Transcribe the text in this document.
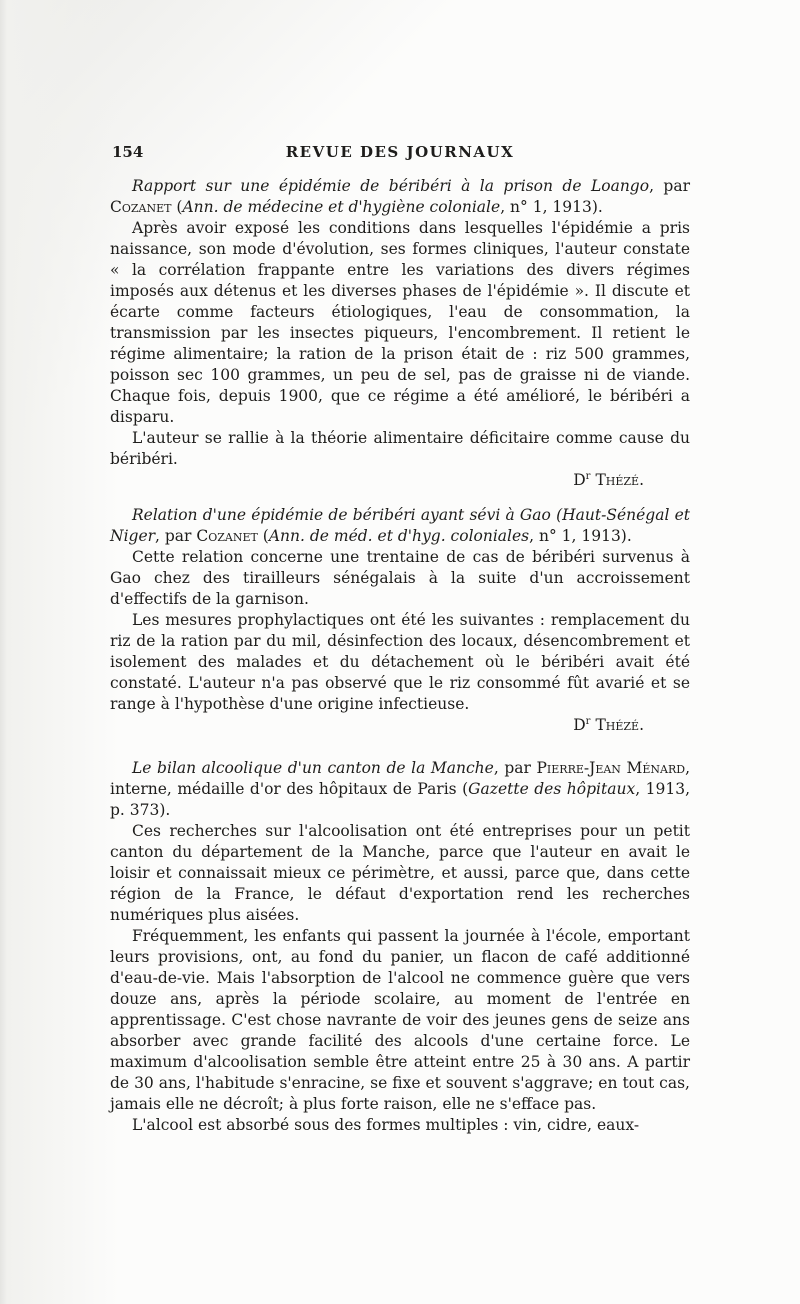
154	REVUE DES JOURNAUX

Rapport sur une épidémie de béribéri à la prison de Loango, par Cozanet (Ann. de médecine et d'hygiène coloniale, n° 1, 1913).

Après avoir exposé les conditions dans lesquelles l'épidémie a pris naissance, son mode d'évolution, ses formes cliniques, l'auteur constate « la corrélation frappante entre les variations des divers régimes imposés aux détenus et les diverses phases de l'épidémie ». Il discute et écarte comme facteurs étiologiques, l'eau de consommation, la transmission par les insectes piqueurs, l'encombrement. Il retient le régime alimentaire; la ration de la prison était de : riz 500 grammes, poisson sec 100 grammes, un peu de sel, pas de graisse ni de viande. Chaque fois, depuis 1900, que ce régime a été amélioré, le béribéri a disparu.

L'auteur se rallie à la théorie alimentaire déficitaire comme cause du béribéri.

$D^r$ Thézé.

Relation d'une épidémie de béribéri ayant sévi à Gao (Haut-Sénégal et Niger, par Cozanet (Ann. de méd. et d'hyg. coloniales, n° 1, 1913).

Cette relation concerne une trentaine de cas de béribéri survenus à Gao chez des tirailleurs sénégalais à la suite d'un accroissement d'effectifs de la garnison.

Les mesures prophylactiques ont été les suivantes : remplacement du riz de la ration par du mil, désinfection des locaux, désencombrement et isolement des malades et du détachement où le béribéri avait été constaté. L'auteur n'a pas observé que le riz consommé fût avarié et se range à l'hypothèse d'une origine infectieuse.

$D^r$ Thézé.

Le bilan alcoolique d'un canton de la Manche, par Pierre-Jean Ménard, interne, médaille d'or des hôpitaux de Paris (Gazette des hôpitaux, 1913, p. 373).

Ces recherches sur l'alcoolisation ont été entreprises pour un petit canton du département de la Manche, parce que l'auteur en avait le loisir et connaissait mieux ce périmètre, et aussi, parce que, dans cette région de la France, le défaut d'exportation rend les recherches numériques plus aisées.

Fréquemment, les enfants qui passent la journée à l'école, emportant leurs provisions, ont, au fond du panier, un flacon de café additionné d'eau-de-vie. Mais l'absorption de l'alcool ne commence guère que vers douze ans, après la période scolaire, au moment de l'entrée en apprentissage. C'est chose navrante de voir des jeunes gens de seize ans absorber avec grande facilité des alcools d'une certaine force. Le maximum d'alcoolisation semble être atteint entre 25 à 30 ans. A partir de 30 ans, l'habitude s'enracine, se fixe et souvent s'aggrave; en tout cas, jamais elle ne décroît; à plus forte raison, elle ne s'efface pas.

L'alcool est absorbé sous des formes multiples : vin, cidre, eaux-
